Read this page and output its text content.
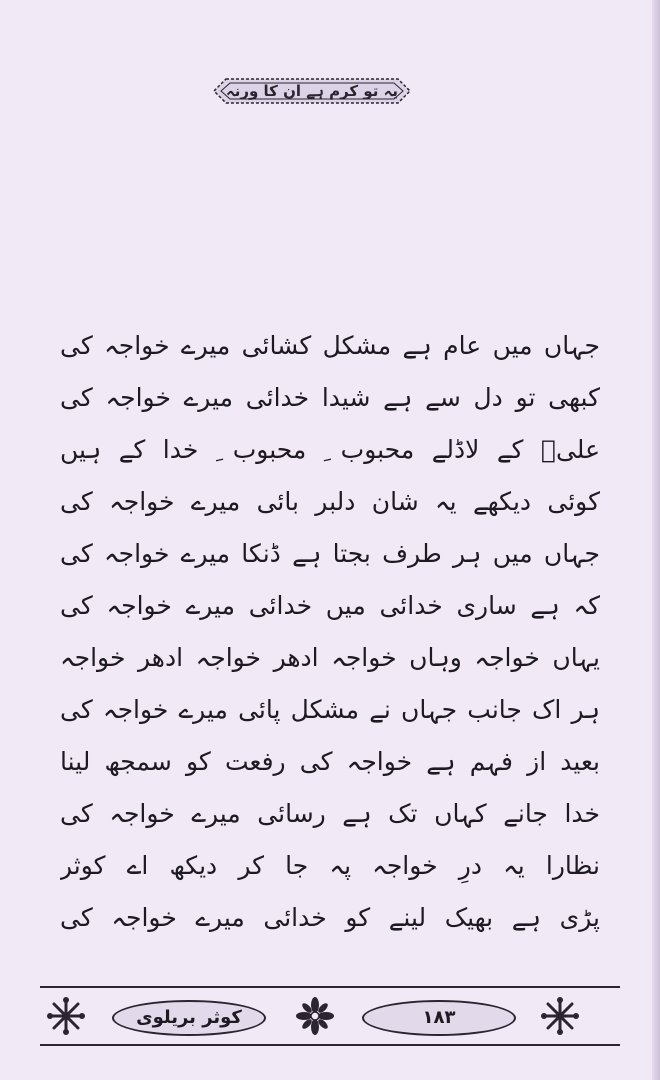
یہ تو کرم ہے ان کا ورنہ
جہاں میں عام ہے مشکل کشائی میرے خواجہ کی
کبھی تو دل سے ہے شیدا خدائی میرے خواجہ کی
علیؑ کے لاڈلے محبوب ِ محبوب ِ خدا کے ہیں
کوئی دیکھے یہ شان دلبر بائی میرے خواجہ کی
جہاں میں ہر طرف بجتا ہے ڈنکا میرے خواجہ کی
کہ ہے ساری خدائی میں خدائی میرے خواجہ کی
یہاں خواجہ وہاں خواجہ ادھر خواجہ ادھر خواجہ
ہر اک جانب جہاں نے مشکل پائی میرے خواجہ کی
بعید از فہم ہے خواجہ کی رفعت کو سمجھ لینا
خدا جانے کہاں تک ہے رسائی میرے خواجہ کی
نظارا یہ درِ خواجہ پہ جا کر دیکھ اے کوثر
پڑی ہے بھیک لینے کو خدائی میرے خواجہ کی
کوثر بریلوی	۱۸۳
